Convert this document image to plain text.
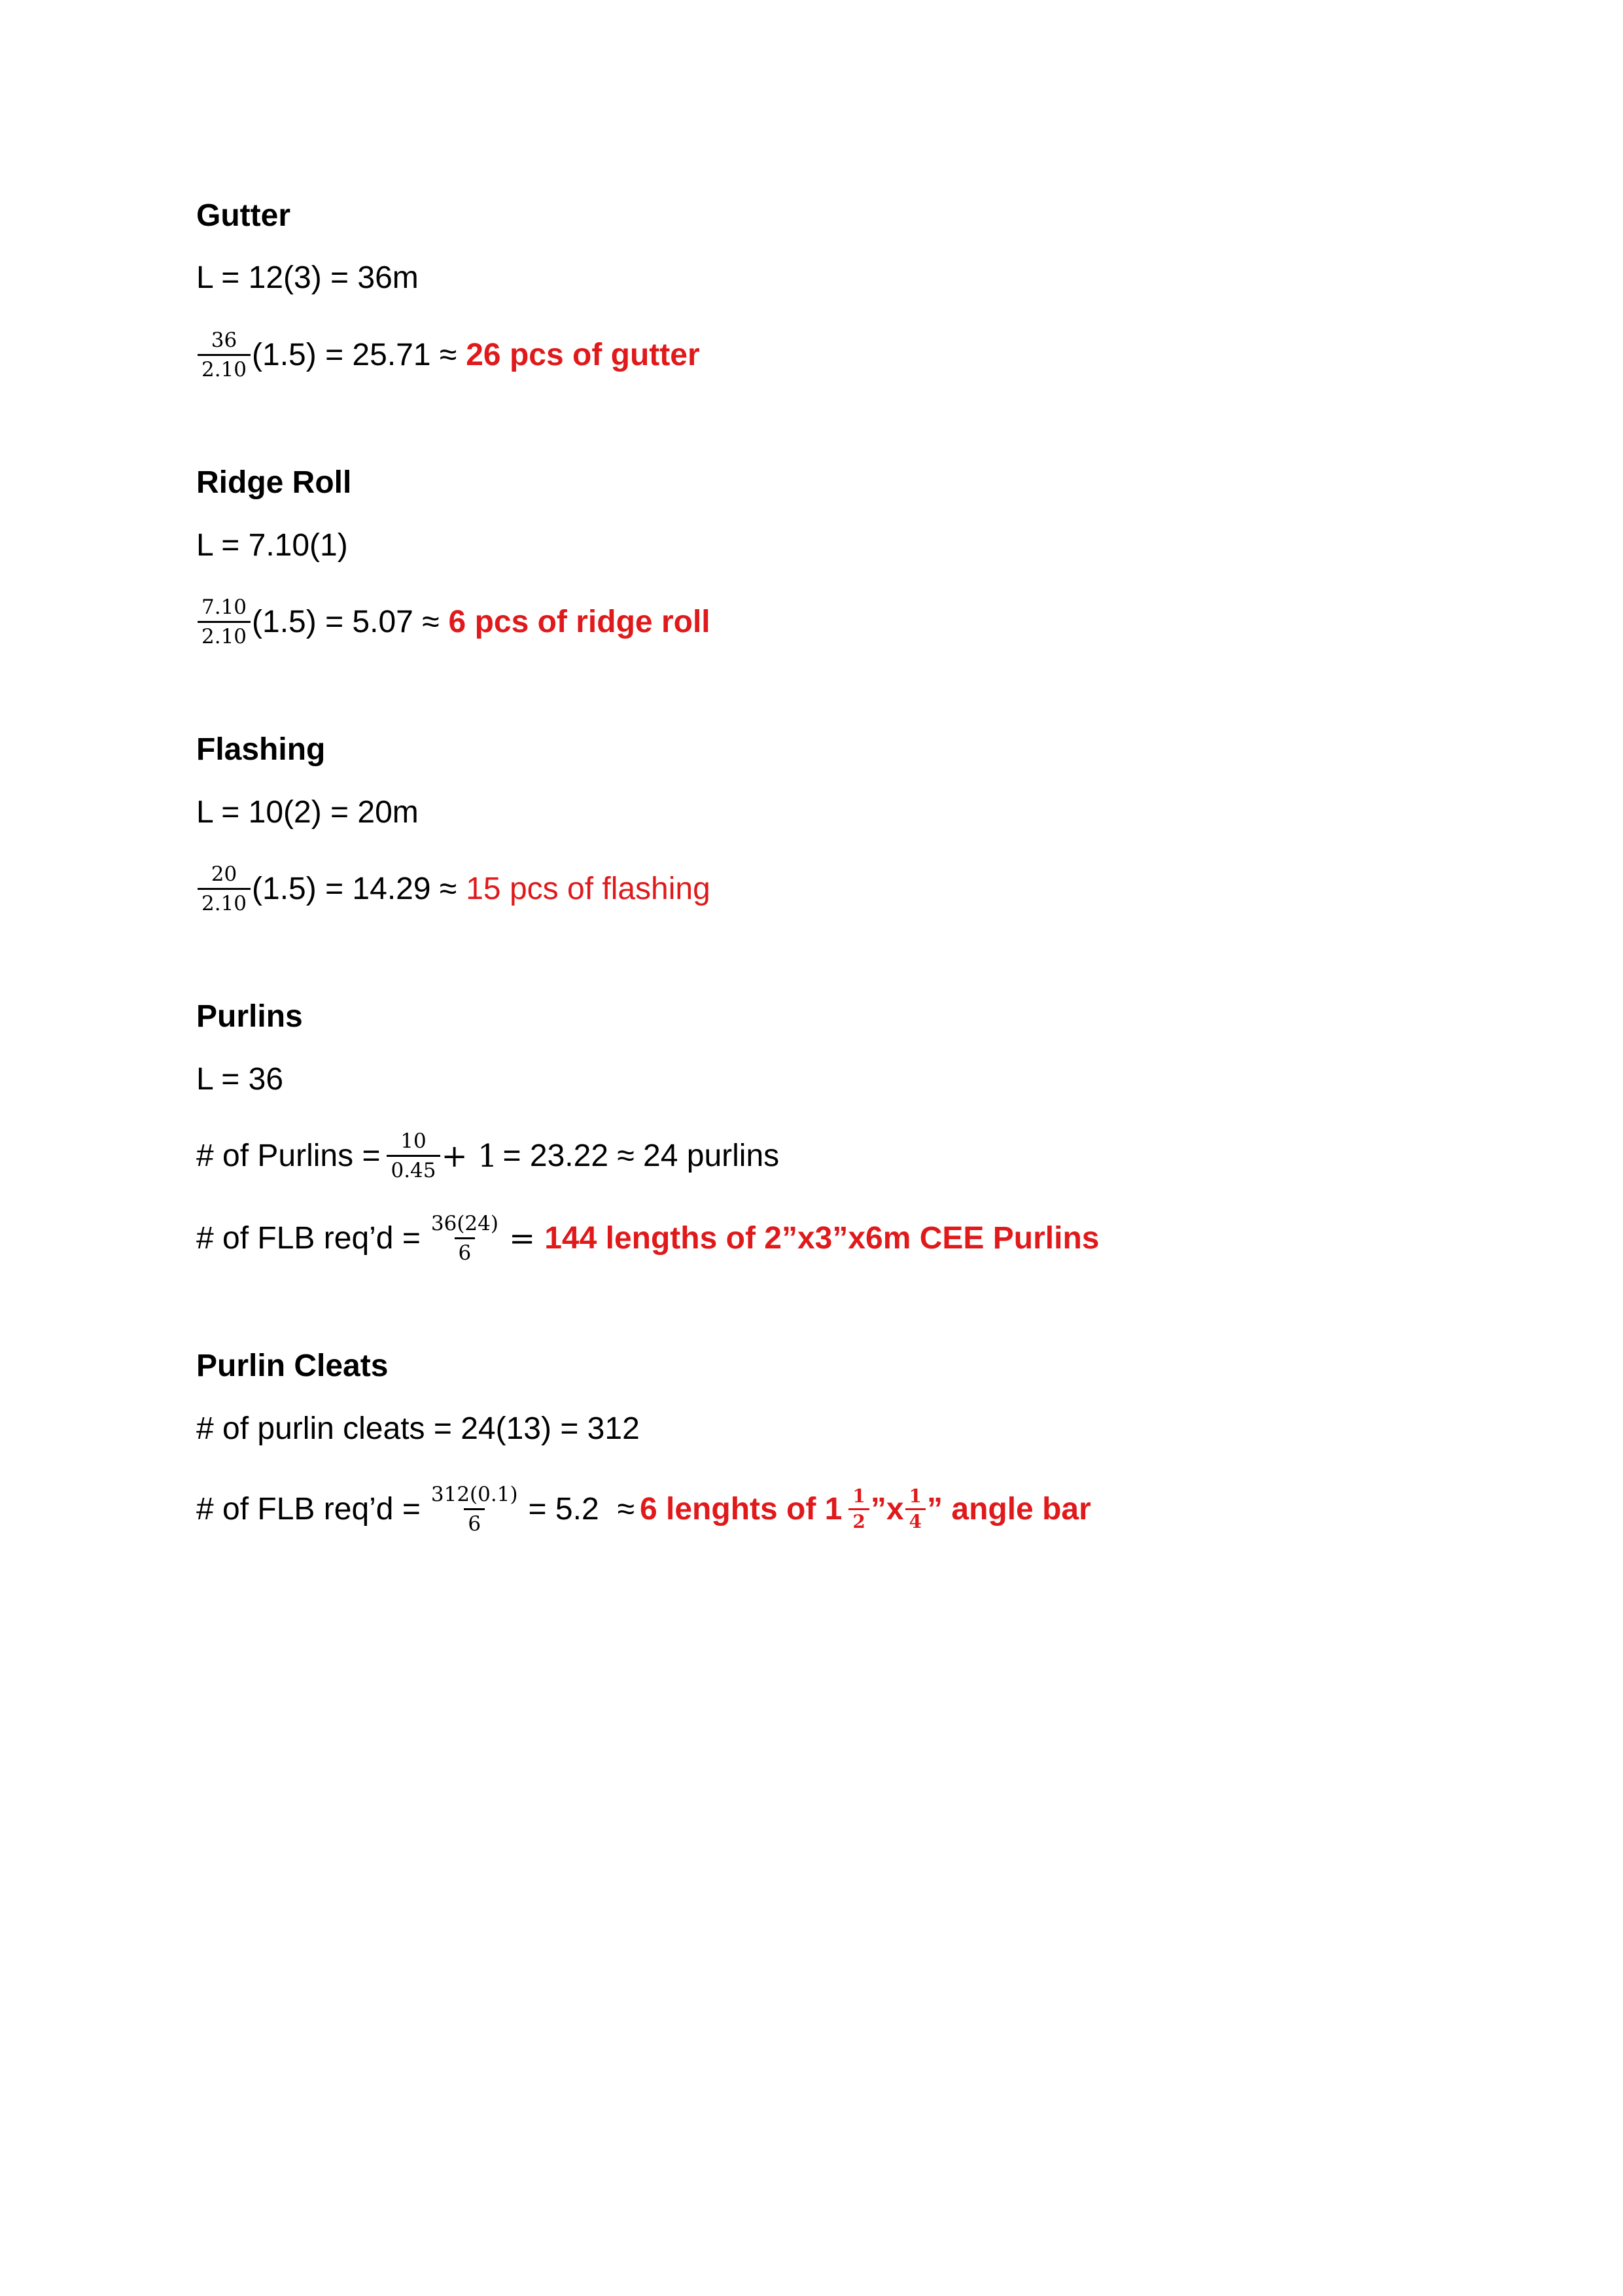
Gutter
L = 12(3) = 36m
$\frac{36}{2.10} (1.5) = 25.71 \approx 26$ pcs of gutter
Ridge Roll
L = 7.10(1)
$\frac{7.10}{2.10} (1.5) = 5.07 \approx 6$ pcs of ridge roll
Flashing
L = 10(2) = 20m
$\frac{20}{2.10} (1.5) = 14.29 \approx 15$ pcs of flashing
Purlins
L = 36
# of Purlins = $\frac{10}{0.45} + 1 = 23.22 \approx 24$ purlins
# of FLB req’d = $\frac{36(24)}{6} = 144$ lengths of 2”x3”x6m CEE Purlins
Purlin Cleats
# of purlin cleats = 24(13) = 312
# of FLB req’d = $\frac{312(0.1)}{6} = 5.2 \approx 6$ lenghts of $1 \frac{1}{2}$ ”x $\frac{1}{4}$ ” angle bar
